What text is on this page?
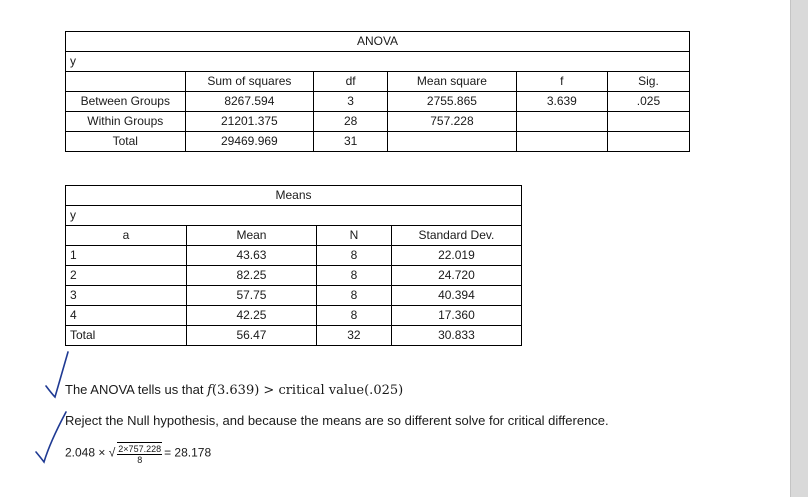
ANOVA					
y					
	Sum of squares	df	Mean square	f	Sig.
Between Groups	8267.594	3	2755.865	3.639	.025
Within Groups	21201.375	28	757.228		
Total	29469.969	31			
Means			
y			
a	Mean	N	Standard Dev.
1	43.63	8	22.019
2	82.25	8	24.720
3	57.75	8	40.394
4	42.25	8	17.360
Total	56.47	32	30.833
The ANOVA tells us that f(3.639) > critical value(.025)
Reject the Null hypothesis, and because the means are so different solve for critical difference.
2.048 × √ $\frac{2\times 757.228}{8} = 28.178$
